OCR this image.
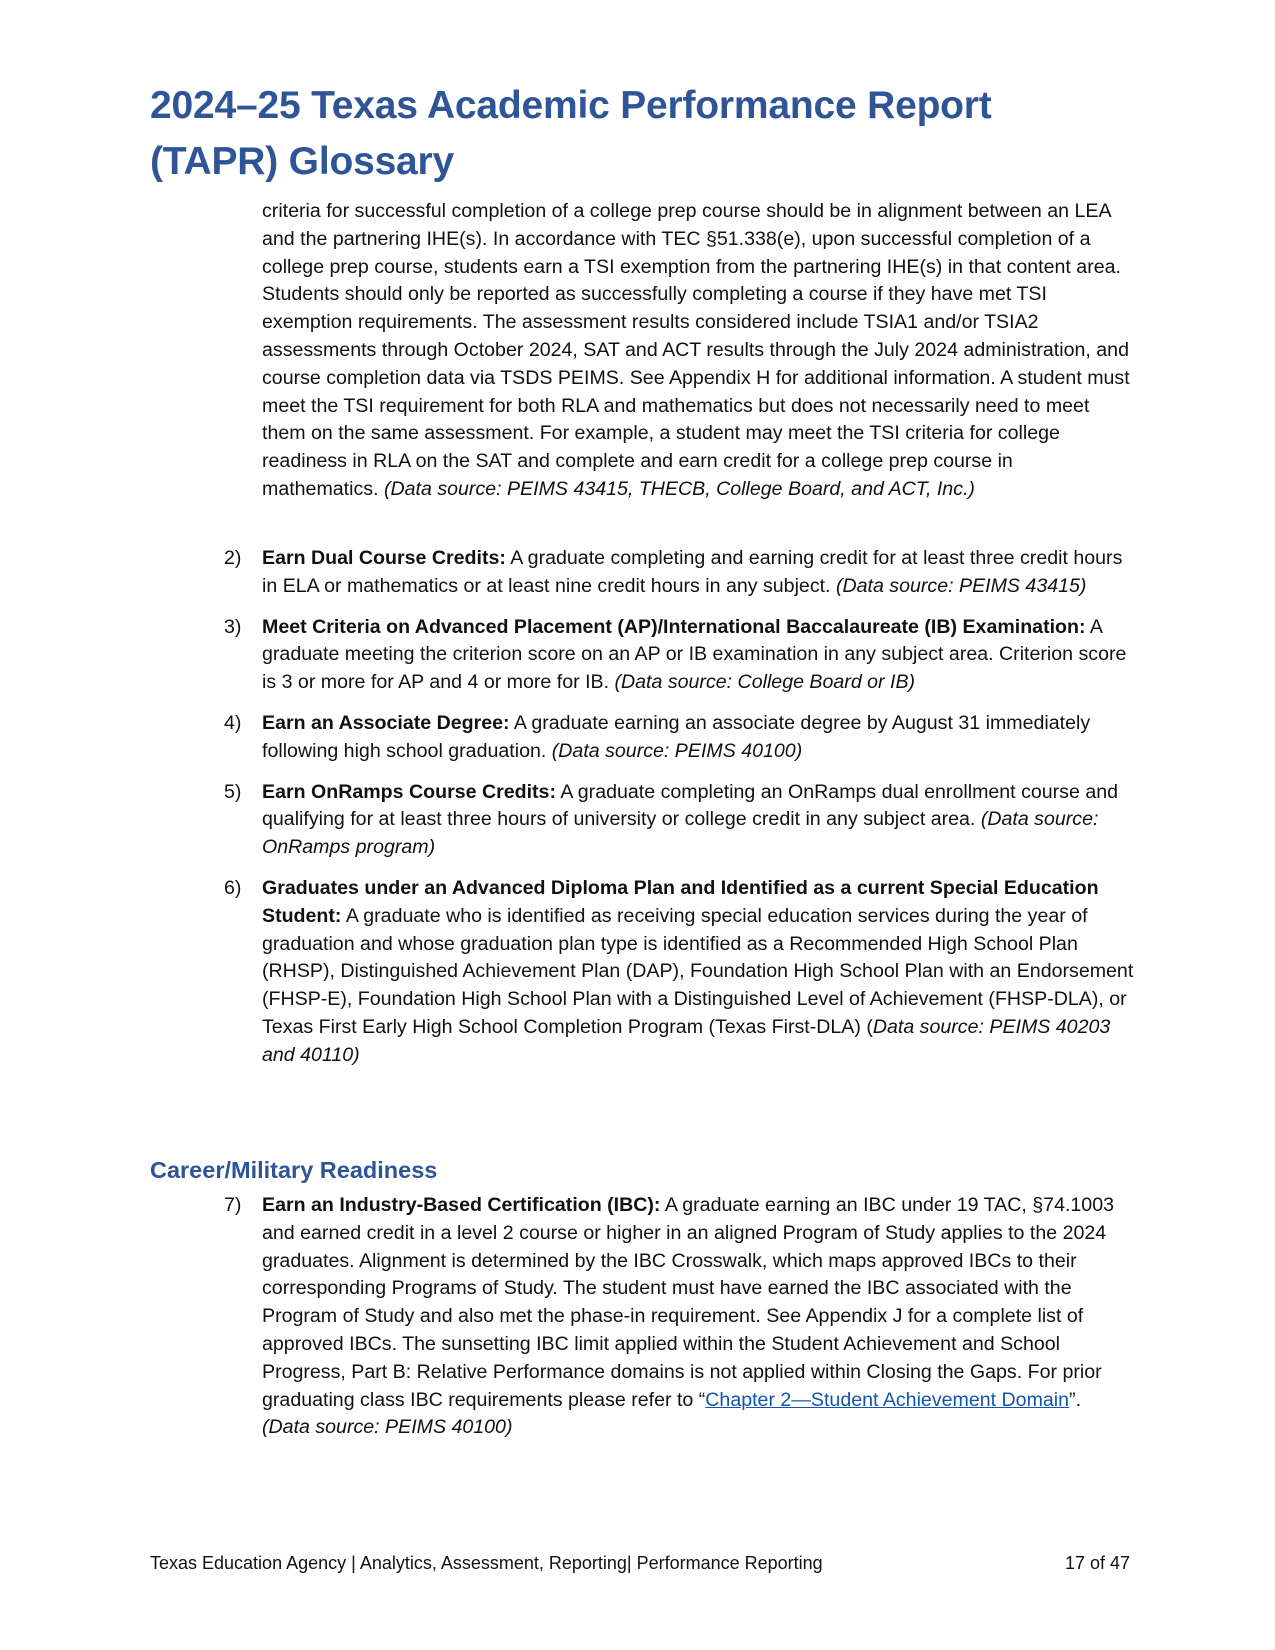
2024–25 Texas Academic Performance Report
(TAPR) Glossary

criteria for successful completion of a college prep course should be in alignment between an LEA and the partnering IHE(s). In accordance with TEC §51.338(e), upon successful completion of a college prep course, students earn a TSI exemption from the partnering IHE(s) in that content area. Students should only be reported as successfully completing a course if they have met TSI exemption requirements. The assessment results considered include TSIA1 and/or TSIA2 assessments through October 2024, SAT and ACT results through the July 2024 administration, and course completion data via TSDS PEIMS. See Appendix H for additional information. A student must meet the TSI requirement for both RLA and mathematics but does not necessarily need to meet them on the same assessment. For example, a student may meet the TSI criteria for college readiness in RLA on the SAT and complete and earn credit for a college prep course in mathematics. (Data source: PEIMS 43415, THECB, College Board, and ACT, Inc.)

2) Earn Dual Course Credits: A graduate completing and earning credit for at least three credit hours in ELA or mathematics or at least nine credit hours in any subject. (Data source: PEIMS 43415)
3) Meet Criteria on Advanced Placement (AP)/International Baccalaureate (IB) Examination: A graduate meeting the criterion score on an AP or IB examination in any subject area. Criterion score is 3 or more for AP and 4 or more for IB. (Data source: College Board or IB)
4) Earn an Associate Degree: A graduate earning an associate degree by August 31 immediately following high school graduation. (Data source: PEIMS 40100)
5) Earn OnRamps Course Credits: A graduate completing an OnRamps dual enrollment course and qualifying for at least three hours of university or college credit in any subject area. (Data source: OnRamps program)
6) Graduates under an Advanced Diploma Plan and Identified as a current Special Education Student: A graduate who is identified as receiving special education services during the year of graduation and whose graduation plan type is identified as a Recommended High School Plan (RHSP), Distinguished Achievement Plan (DAP), Foundation High School Plan with an Endorsement (FHSP-E), Foundation High School Plan with a Distinguished Level of Achievement (FHSP-DLA), or Texas First Early High School Completion Program (Texas First-DLA) (Data source: PEIMS 40203 and 40110)
Career/Military Readiness
7) Earn an Industry-Based Certification (IBC): A graduate earning an IBC under 19 TAC, §74.1003 and earned credit in a level 2 course or higher in an aligned Program of Study applies to the 2024 graduates. Alignment is determined by the IBC Crosswalk, which maps approved IBCs to their corresponding Programs of Study. The student must have earned the IBC associated with the Program of Study and also met the phase-in requirement. See Appendix J for a complete list of approved IBCs. The sunsetting IBC limit applied within the Student Achievement and School Progress, Part B: Relative Performance domains is not applied within Closing the Gaps. For prior graduating class IBC requirements please refer to “Chapter 2—Student Achievement Domain”. (Data source: PEIMS 40100)
Texas Education Agency | Analytics, Assessment, Reporting| Performance Reporting	17 of 47
